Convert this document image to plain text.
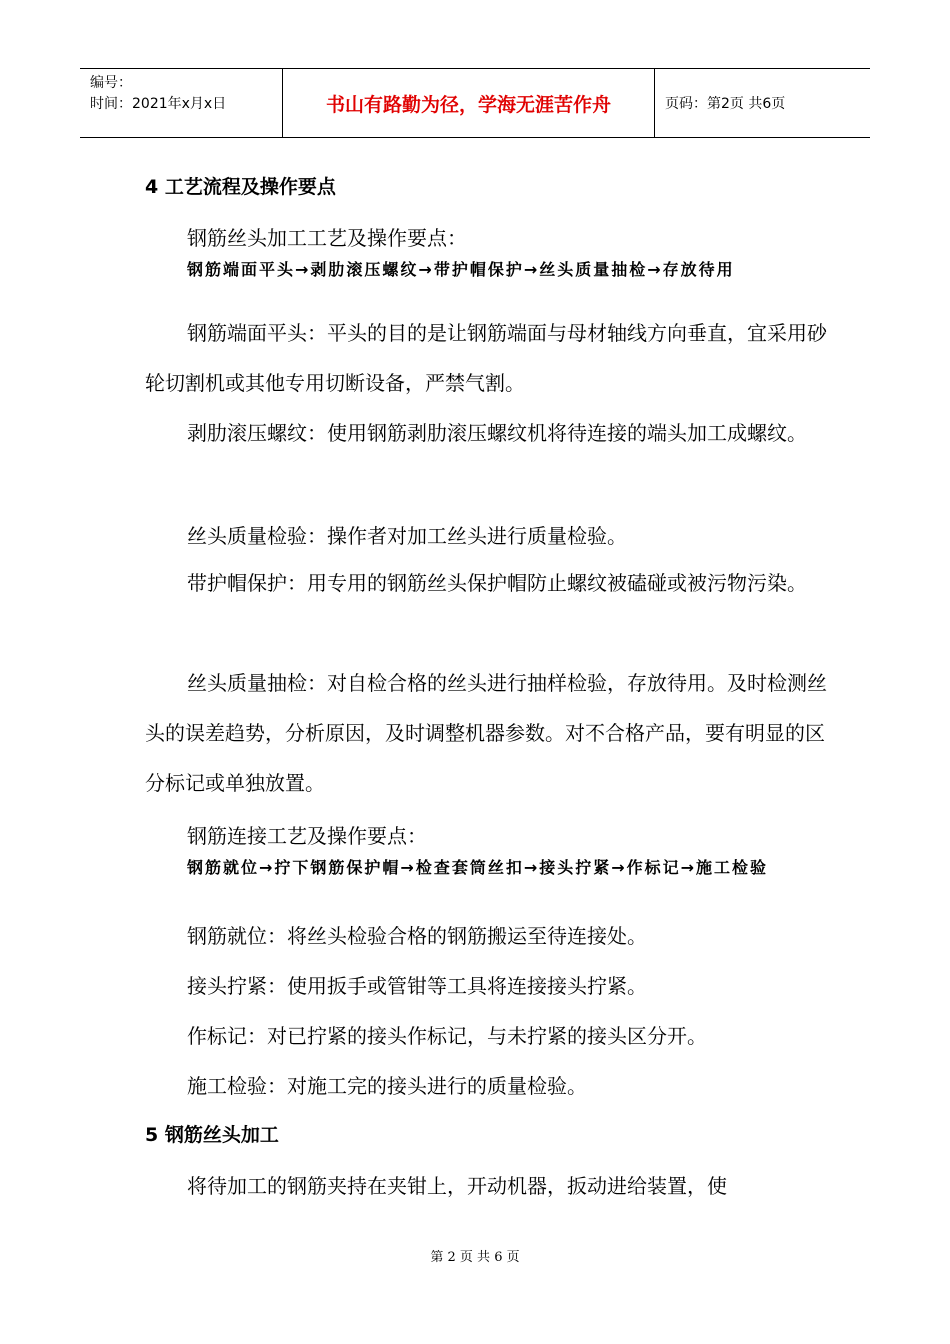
编号：
时间：2021年x月x日	书山有路勤为径，学海无涯苦作舟	页码：第2页 共6页
4 工艺流程及操作要点
钢筋丝头加工工艺及操作要点：

钢筋端面平头→剥肋滚压螺纹→带护帽保护→丝头质量抽检→存放待用

钢筋端面平头：平头的目的是让钢筋端面与母材轴线方向垂直，宜采用砂轮切割机或其他专用切断设备，严禁气割。

剥肋滚压螺纹：使用钢筋剥肋滚压螺纹机将待连接的端头加工成螺纹。

丝头质量检验：操作者对加工丝头进行质量检验。

带护帽保护：用专用的钢筋丝头保护帽防止螺纹被磕碰或被污物污染。

丝头质量抽检：对自检合格的丝头进行抽样检验，存放待用。及时检测丝头的误差趋势，分析原因，及时调整机器参数。对不合格产品，要有明显的区分标记或单独放置。

钢筋连接工艺及操作要点：

钢筋就位→拧下钢筋保护帽→检查套筒丝扣→接头拧紧→作标记→施工检验

钢筋就位：将丝头检验合格的钢筋搬运至待连接处。
接头拧紧：使用扳手或管钳等工具将连接接头拧紧。
作标记：对已拧紧的接头作标记，与未拧紧的接头区分开。
施工检验：对施工完的接头进行的质量检验。
5 钢筋丝头加工
将待加工的钢筋夹持在夹钳上，开动机器，扳动进给装置，使
第 2 页 共 6 页
